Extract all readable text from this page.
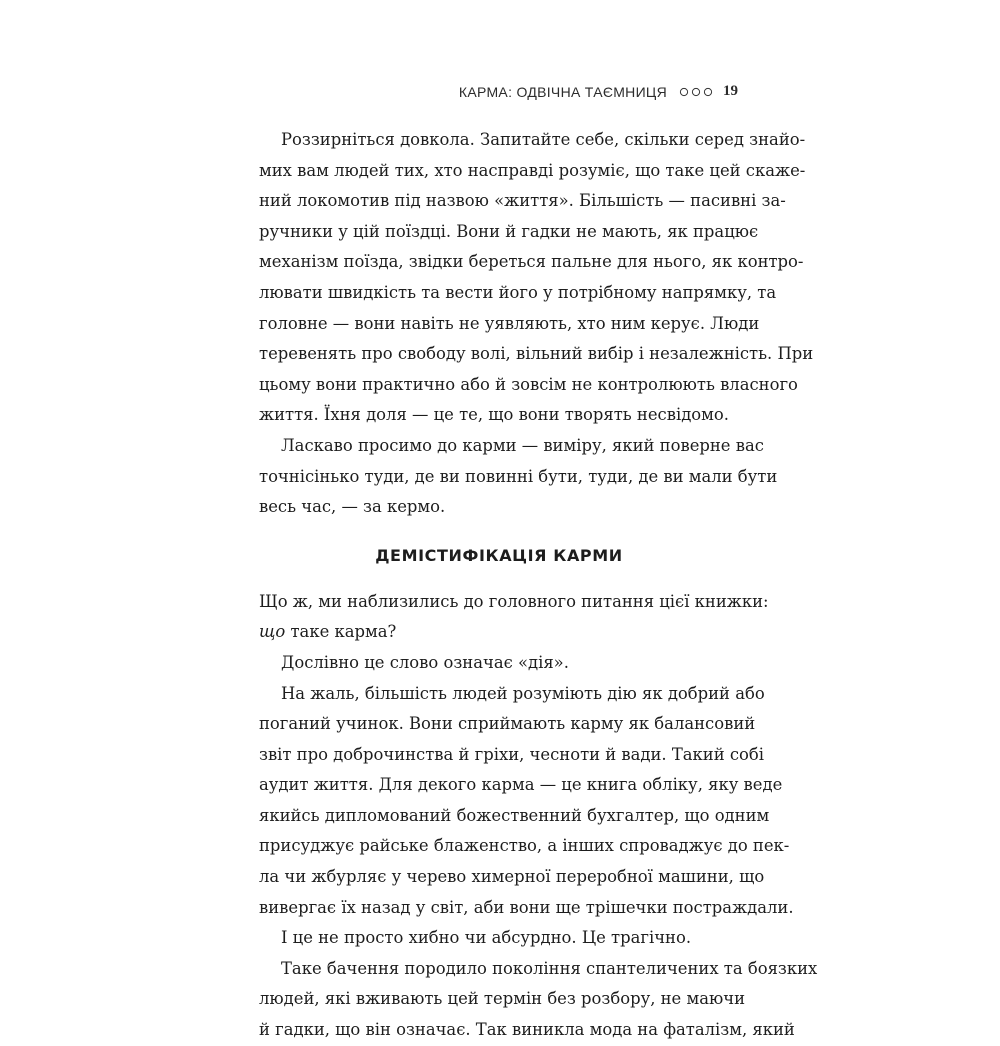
КАРМА: ОДВІЧНА ТАЄМНИЦЯ	19
Роззирніться довкола. Запитайте себе, скільки серед знайо-
мих вам людей тих, хто насправді розуміє, що таке цей скаже-
ний локомотив під назвою «життя». Більшість — пасивні за-
ручники у цій поїздці. Вони й гадки не мають, як працює
механізм поїзда, звідки береться пальне для нього, як контро-
лювати швидкість та вести його у потрібному напрямку, та
головне — вони навіть не уявляють, хто ним керує. Люди
теревенять про свободу волі, вільний вибір і незалежність. При
цьому вони практично або й зовсім не контролюють власного
життя. Їхня доля — це те, що вони творять несвідомо.
Ласкаво просимо до карми — виміру, який поверне вас
точнісінько туди, де ви повинні бути, туди, де ви мали бути
весь час, — за кермо.
ДЕМІСТИФІКАЦІЯ КАРМИ
Що ж, ми наблизились до головного питання цієї книжки:
що таке карма?
Дослівно це слово означає «дія».
На жаль, більшість людей розуміють дію як добрий або
поганий учинок. Вони сприймають карму як балансовий
звіт про доброчинства й гріхи, чесноти й вади. Такий собі
аудит життя. Для декого карма — це книга обліку, яку веде
якийсь дипломований божественний бухгалтер, що одним
присуджує райське блаженство, а інших спроваджує до пек-
ла чи жбурляє у черево химерної переробної машини, що
вивергає їх назад у світ, аби вони ще трішечки постраждали.
І це не просто хибно чи абсурдно. Це трагічно.
Таке бачення породило покоління спантеличених та боязких
людей, які вживають цей термін без розбору, не маючи
й гадки, що він означає. Так виникла мода на фаталізм, який
